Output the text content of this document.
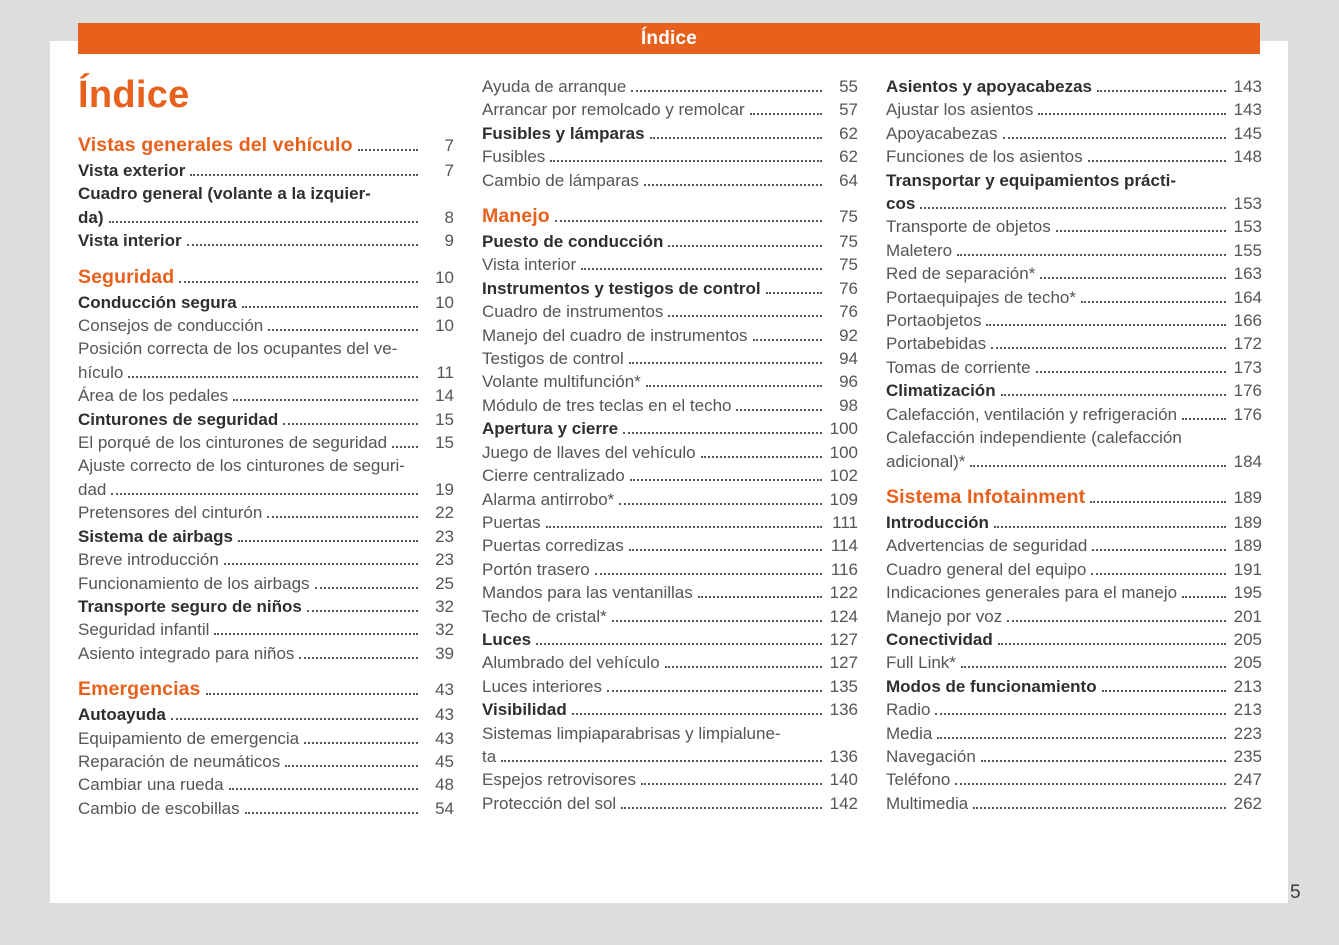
Índice
Índice
Vistas generales del vehículo	7
Vista exterior	7
Cuadro general (volante a la izquier-
da)	8
Vista interior	9
Seguridad	10
Conducción segura	10
Consejos de conducción	10
Posición correcta de los ocupantes del ve-
hículo	11
Área de los pedales	14
Cinturones de seguridad	15
El porqué de los cinturones de seguridad	15
Ajuste correcto de los cinturones de seguri-
dad	19
Pretensores del cinturón	22
Sistema de airbags	23
Breve introducción	23
Funcionamiento de los airbags	25
Transporte seguro de niños	32
Seguridad infantil	32
Asiento integrado para niños	39
Emergencias	43
Autoayuda	43
Equipamiento de emergencia	43
Reparación de neumáticos	45
Cambiar una rueda	48
Cambio de escobillas	54
Ayuda de arranque	55
Arrancar por remolcado y remolcar	57
Fusibles y lámparas	62
Fusibles	62
Cambio de lámparas	64
Manejo	75
Puesto de conducción	75
Vista interior	75
Instrumentos y testigos de control	76
Cuadro de instrumentos	76
Manejo del cuadro de instrumentos	92
Testigos de control	94
Volante multifunción*	96
Módulo de tres teclas en el techo	98
Apertura y cierre	100
Juego de llaves del vehículo	100
Cierre centralizado	102
Alarma antirrobo*	109
Puertas	111
Puertas corredizas	114
Portón trasero	116
Mandos para las ventanillas	122
Techo de cristal*	124
Luces	127
Alumbrado del vehículo	127
Luces interiores	135
Visibilidad	136
Sistemas limpiaparabrisas y limpialune-
ta	136
Espejos retrovisores	140
Protección del sol	142
Asientos y apoyacabezas	143
Ajustar los asientos	143
Apoyacabezas	145
Funciones de los asientos	148
Transportar y equipamientos prácti-
cos	153
Transporte de objetos	153
Maletero	155
Red de separación*	163
Portaequipajes de techo*	164
Portaobjetos	166
Portabebidas	172
Tomas de corriente	173
Climatización	176
Calefacción, ventilación y refrigeración	176
Calefacción independiente (calefacción
adicional)*	184
Sistema Infotainment	189
Introducción	189
Advertencias de seguridad	189
Cuadro general del equipo	191
Indicaciones generales para el manejo	195
Manejo por voz	201
Conectividad	205
Full Link*	205
Modos de funcionamiento	213
Radio	213
Media	223
Navegación	235
Teléfono	247
Multimedia	262
5
